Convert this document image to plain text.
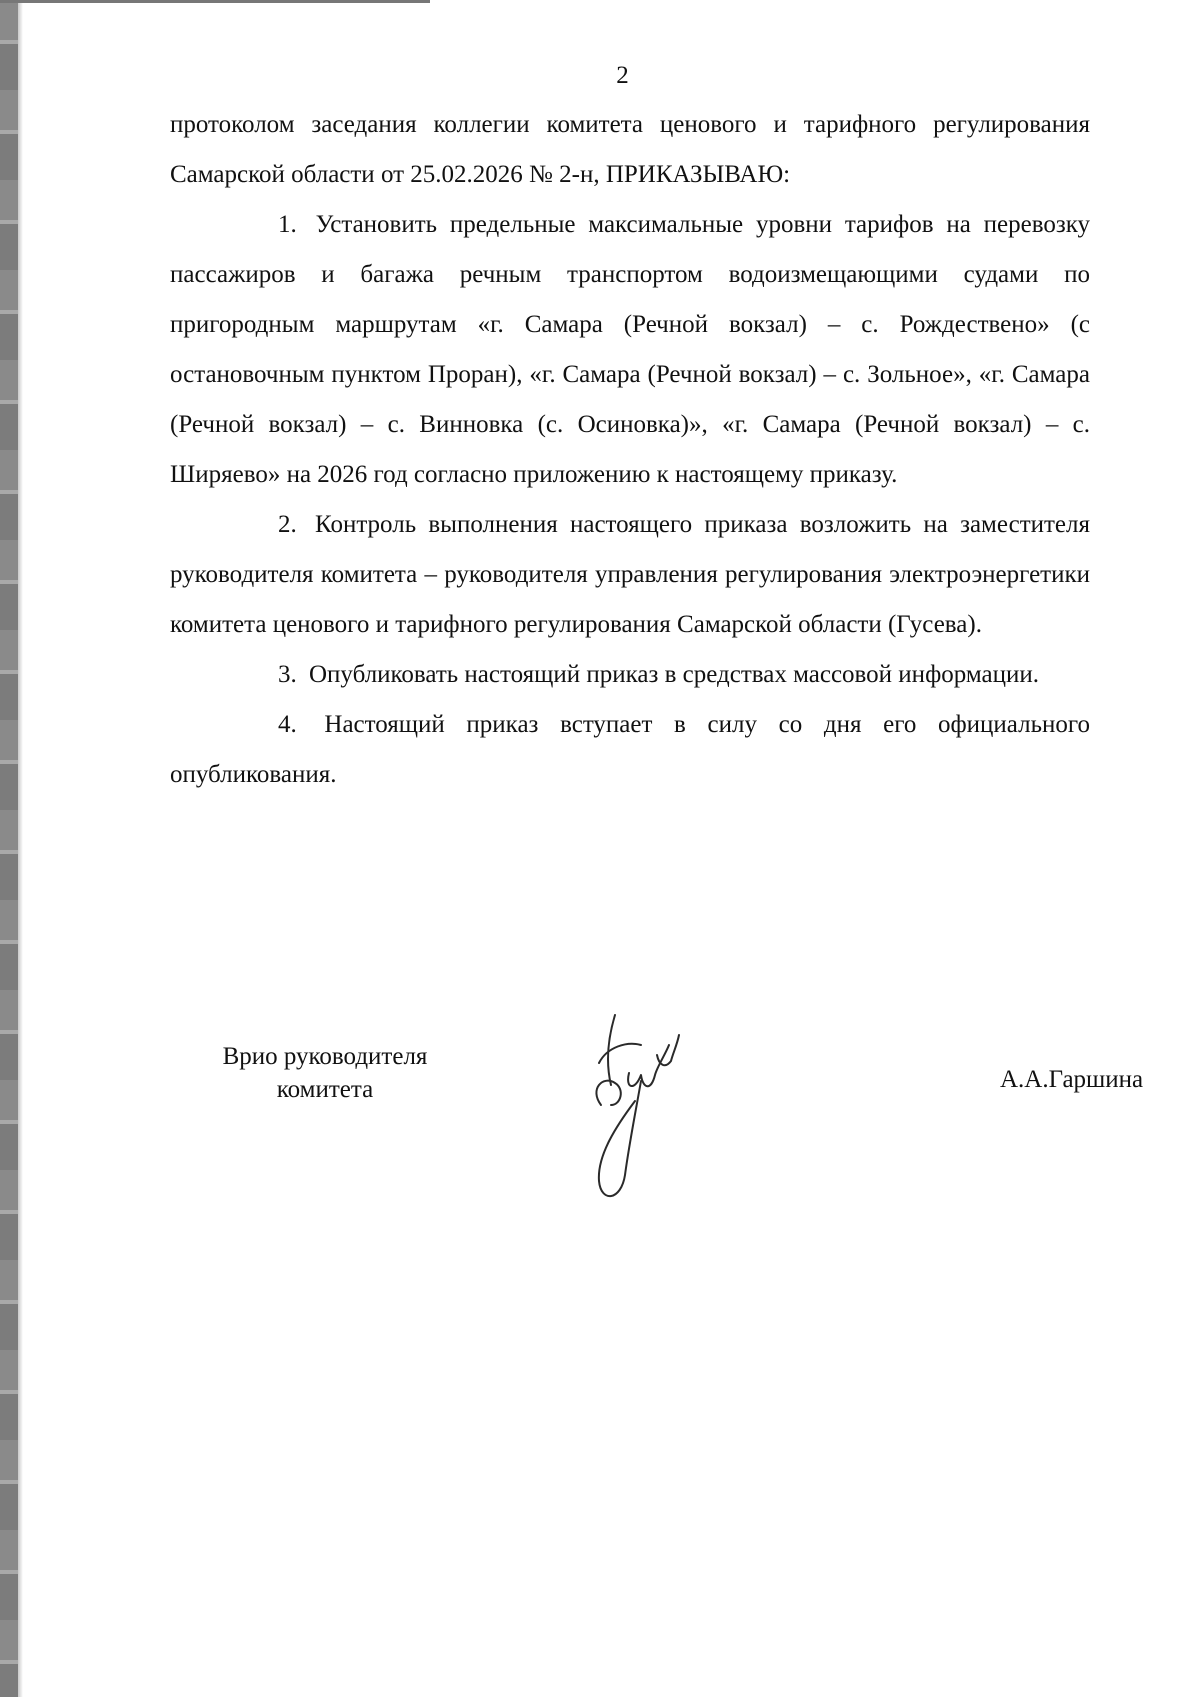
2

протоколом заседания коллегии комитета ценового и тарифного регулирования Самарской области от 25.02.2026 № 2-н, ПРИКАЗЫВАЮ:

1. Установить предельные максимальные уровни тарифов на перевозку пассажиров и багажа речным транспортом водоизмещающими судами по пригородным маршрутам «г. Самара (Речной вокзал) – с. Рождествено» (с остановочным пунктом Проран), «г. Самара (Речной вокзал) – с. Зольное», «г. Самара (Речной вокзал) – с. Винновка (с. Осиновка)», «г. Самара (Речной вокзал) – с. Ширяево» на 2026 год согласно приложению к настоящему приказу.

2. Контроль выполнения настоящего приказа возложить на заместителя руководителя комитета – руководителя управления регулирования электроэнергетики комитета ценового и тарифного регулирования Самарской области (Гусева).

3. Опубликовать настоящий приказ в средствах массовой информации.

4. Настоящий приказ вступает в силу со дня его официального опубликования.

Врио руководителя
комитета	А.А.Гаршина
